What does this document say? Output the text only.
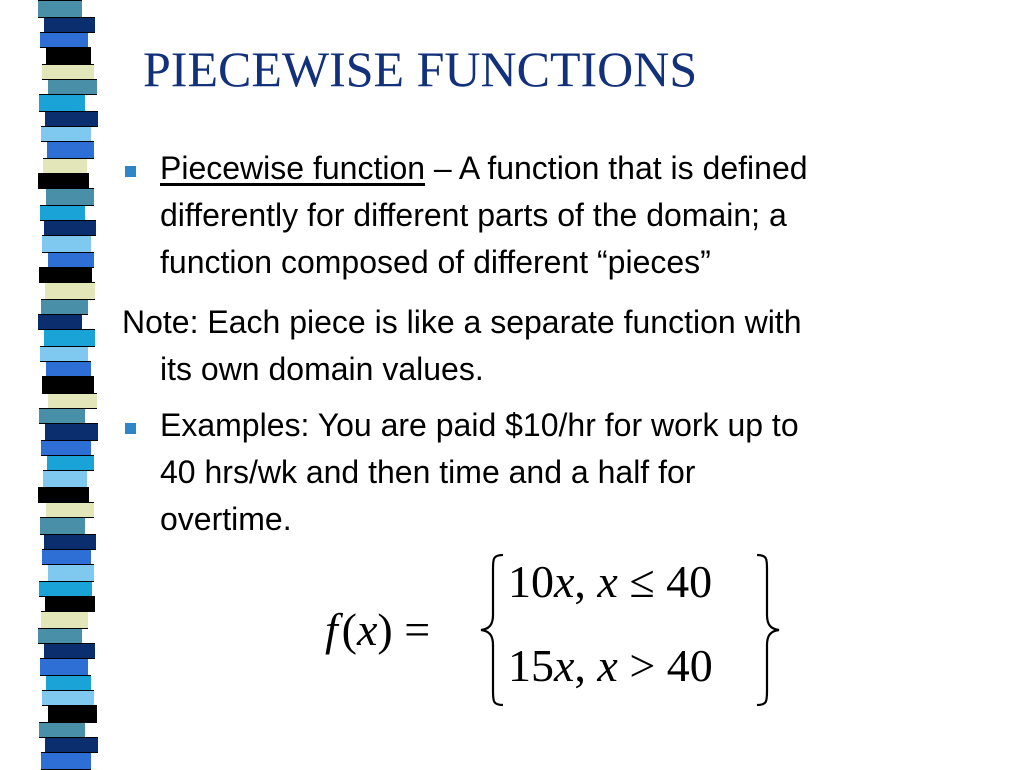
PIECEWISE FUNCTIONS
Piecewise function – A function that is defined
differently for different parts of the domain; a
function composed of different “pieces”
Note: Each piece is like a separate function with
its own domain values.
Examples: You are paid $10/hr for work up to
40 hrs/wk and then time and a half for
overtime.
f (x) =
10x, x ≤ 40
15x, x > 40
